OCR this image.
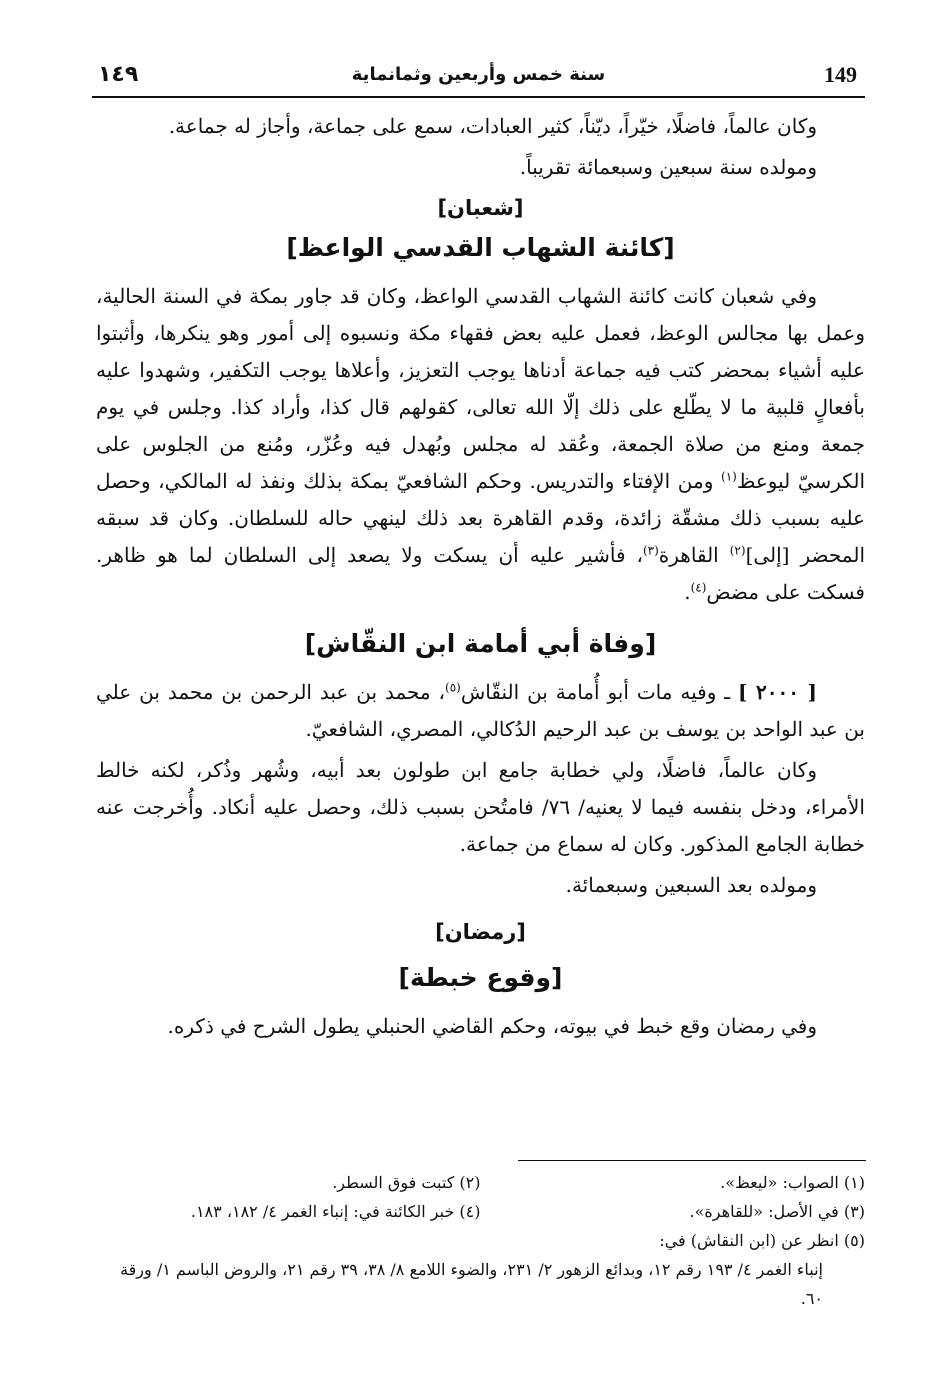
١٤٩	سنة خمس وأربعين وثمانماية	149

وكان عالماً، فاضلًا، خيّراً، ديّناً، كثير العبادات، سمع على جماعة، وأجاز له جماعة.

ومولده سنة سبعين وسبعمائة تقريباً.

[شعبان]
[كائنة الشهاب القدسي الواعظ]

وفي شعبان كانت كائنة الشهاب القدسي الواعظ، وكان قد جاور بمكة في السنة الحالية، وعمل بها مجالس الوعظ، فعمل عليه بعض فقهاء مكة ونسبوه إلى أمور وهو ينكرها، وأثبتوا عليه أشياء بمحضر كتب فيه جماعة أدناها يوجب التعزيز، وأعلاها يوجب التكفير، وشهدوا عليه بأفعالٍ قلبية ما لا يطّلع على ذلك إلّا الله تعالى، كقولهم قال كذا، وأراد كذا. وجلس في يوم جمعة ومنع من صلاة الجمعة، وعُقد له مجلس وبُهدل فيه وعُزّر، ومُنع من الجلوس على الكرسيّ ليوعظ$^{(١)}$ ومن الإفتاء والتدريس. وحكم الشافعيّ بمكة بذلك ونفذ له المالكي، وحصل عليه بسبب ذلك مشقّة زائدة، وقدم القاهرة بعد ذلك لينهي حاله للسلطان. وكان قد سبقه المحضر [إلى]$^{(٢)}$ القاهرة$^{(٣)}$، فأشير عليه أن يسكت ولا يصعد إلى السلطان لما هو ظاهر. فسكت على مضض$^{(٤)}$.

[وفاة أبي أمامة ابن النقّاش]

[ ٢٠٠٠ ] ـ وفيه مات أبو أُمامة بن النقّاش$^{(٥)}$، محمد بن عبد الرحمن بن محمد بن علي بن عبد الواحد بن يوسف بن عبد الرحيم الدُكالي، المصري، الشافعيّ.

وكان عالماً، فاضلًا، ولي خطابة جامع ابن طولون بعد أبيه، وشُهر وذُكر، لكنه خالط الأمراء، ودخل بنفسه فيما لا يعنيه/ ٧٦/ فامتُحن بسبب ذلك، وحصل عليه أنكاد. وأُخرجت عنه خطابة الجامع المذكور. وكان له سماع من جماعة.

ومولده بعد السبعين وسبعمائة.

[رمضان]
[وقوع خبطة]

وفي رمضان وقع خبط في بيوته، وحكم القاضي الحنبلي يطول الشرح في ذكره.

(١) الصواب: «ليعظ».
(٢) كتبت فوق السطر.
(٣) في الأصل: «للقاهرة».
(٤) خبر الكائنة في: إنباء الغمر ٤/ ١٨٢، ١٨٣.
(٥) انظر عن (ابن النقاش) في:
إنباء الغمر ٤/ ١٩٣ رقم ١٢، وبدائع الزهور ٢/ ٢٣١، والضوء اللامع ٨/ ٣٨، ٣٩ رقم ٢١، والروض الباسم ١/ ورقة ٦٠.
